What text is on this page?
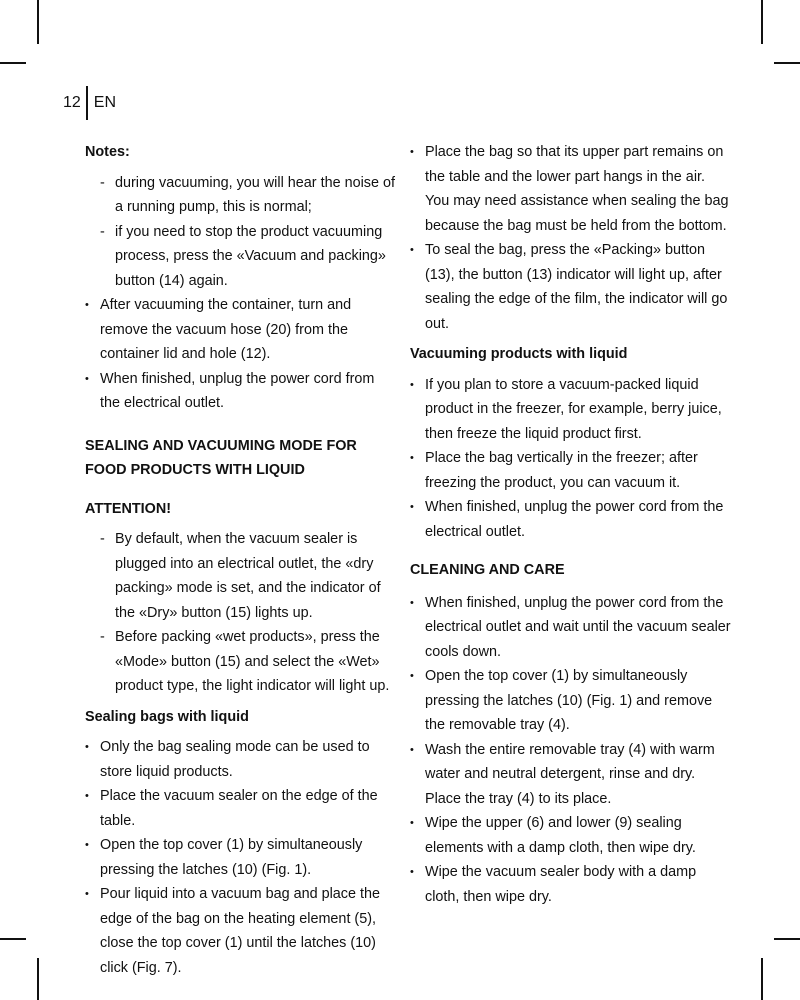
12 EN

Notes:

- during vacuuming, you will hear the noise of a running pump, this is normal;
- if you need to stop the product vacuuming process, press the «Vacuum and packing» button (14) again.
• After vacuuming the container, turn and remove the vacuum hose (20) from the container lid and hole (12).
• When finished, unplug the power cord from the electrical outlet.

SEALING AND VACUUMING MODE FOR FOOD PRODUCTS WITH LIQUID

ATTENTION!

- By default, when the vacuum sealer is plugged into an electrical outlet, the «dry packing» mode is set, and the indicator of the «Dry» button (15) lights up.
- Before packing «wet products», press the «Mode» button (15) and select the «Wet» product type, the light indicator will light up.

Sealing bags with liquid

• Only the bag sealing mode can be used to store liquid products.
• Place the vacuum sealer on the edge of the table.
• Open the top cover (1) by simultaneously pressing the latches (10) (Fig. 1).
• Pour liquid into a vacuum bag and place the edge of the bag on the heating element (5), close the top cover (1) until the latches (10) click (Fig. 7).
• Place the bag so that its upper part remains on the table and the lower part hangs in the air. You may need assistance when sealing the bag because the bag must be held from the bottom.
• To seal the bag, press the «Packing» button (13), the button (13) indicator will light up, after sealing the edge of the film, the indicator will go out.

Vacuuming products with liquid

• If you plan to store a vacuum-packed liquid product in the freezer, for example, berry juice, then freeze the liquid product first.
• Place the bag vertically in the freezer; after freezing the product, you can vacuum it.
• When finished, unplug the power cord from the electrical outlet.

CLEANING AND CARE

• When finished, unplug the power cord from the electrical outlet and wait until the vacuum sealer cools down.
• Open the top cover (1) by simultaneously pressing the latches (10) (Fig. 1) and remove the removable tray (4).
• Wash the entire removable tray (4) with warm water and neutral detergent, rinse and dry. Place the tray (4) to its place.
• Wipe the upper (6) and lower (9) sealing elements with a damp cloth, then wipe dry.
• Wipe the vacuum sealer body with a damp cloth, then wipe dry.
